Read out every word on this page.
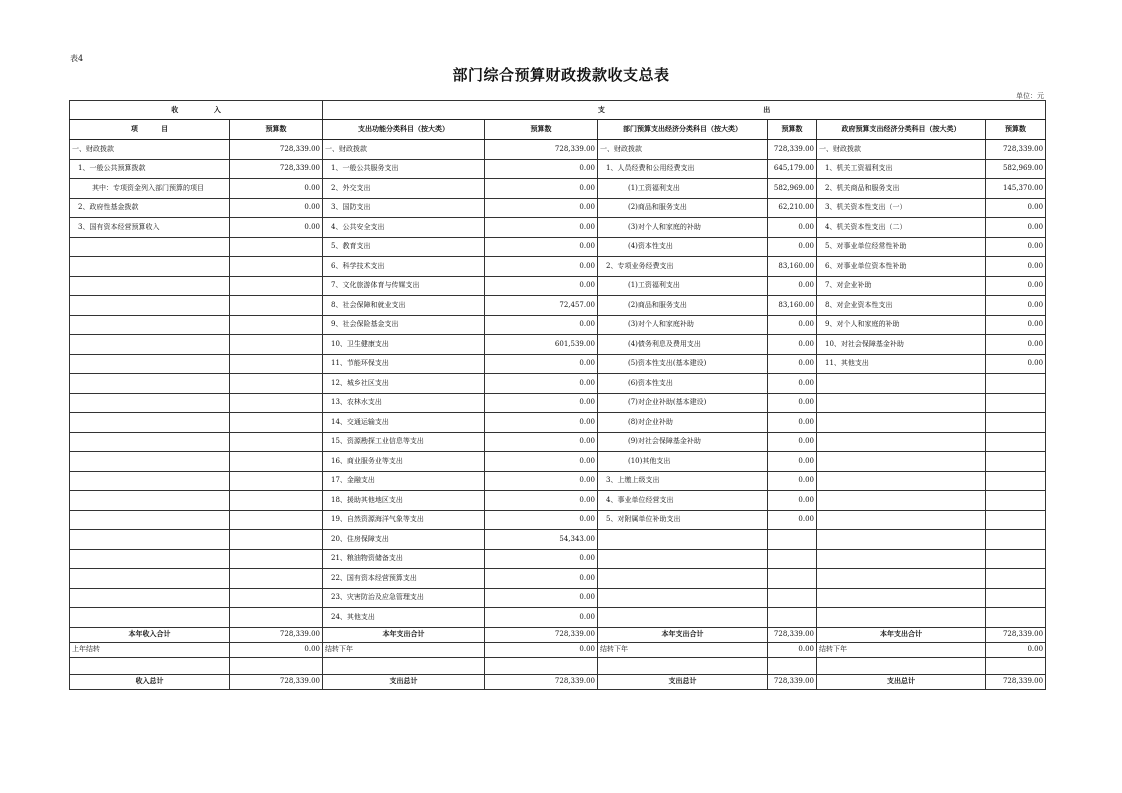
表4
部门综合预算财政拨款收支总表
单位：元
收 入		支 出					

项 目	预算数	支出功能分类科目（按大类）	预算数	部门预算支出经济分类科目（按大类）	预算数	政府预算支出经济分类科目（按大类）	预算数
一、财政拨款	728,339.00	一、财政拨款	728,339.00	一、财政拨款	728,339.00	一、财政拨款	728,339.00
1、一般公共预算拨款	728,339.00	1、一般公共服务支出	0.00	1、人员经费和公用经费支出	645,179.00	1、机关工资福利支出	582,969.00
其中：专项资金列入部门预算的项目	0.00	2、外交支出	0.00	(1)工资福利支出	582,969.00	2、机关商品和服务支出	145,370.00
2、政府性基金拨款	0.00	3、国防支出	0.00	(2)商品和服务支出	62,210.00	3、机关资本性支出（一）	0.00
3、国有资本经营预算收入	0.00	4、公共安全支出	0.00	(3)对个人和家庭的补助	0.00	4、机关资本性支出（二）	0.00
		5、教育支出	0.00	(4)资本性支出	0.00	5、对事业单位经常性补助	0.00
		6、科学技术支出	0.00	2、专项业务经费支出	83,160.00	6、对事业单位资本性补助	0.00
		7、文化旅游体育与传媒支出	0.00	(1)工资福利支出	0.00	7、对企业补助	0.00
		8、社会保障和就业支出	72,457.00	(2)商品和服务支出	83,160.00	8、对企业资本性支出	0.00
		9、社会保险基金支出	0.00	(3)对个人和家庭补助	0.00	9、对个人和家庭的补助	0.00
		10、卫生健康支出	601,539.00	(4)债务利息及费用支出	0.00	10、对社会保障基金补助	0.00
		11、节能环保支出	0.00	(5)资本性支出(基本建设)	0.00	11、其他支出	0.00
		12、城乡社区支出	0.00	(6)资本性支出	0.00		
		13、农林水支出	0.00	(7)对企业补助(基本建设)	0.00		
		14、交通运输支出	0.00	(8)对企业补助	0.00		
		15、资源勘探工业信息等支出	0.00	(9)对社会保障基金补助	0.00		
		16、商业服务业等支出	0.00	(10)其他支出	0.00		
		17、金融支出	0.00	3、上缴上级支出	0.00		
		18、援助其他地区支出	0.00	4、事业单位经营支出	0.00		
		19、自然资源海洋气象等支出	0.00	5、对附属单位补助支出	0.00		
		20、住房保障支出	54,343.00				
		21、粮油物资储备支出	0.00				
		22、国有资本经营预算支出	0.00				
		23、灾害防治及应急管理支出	0.00				
		24、其他支出	0.00				
本年收入合计	728,339.00	本年支出合计	728,339.00	本年支出合计	728,339.00	本年支出合计	728,339.00
上年结转	0.00	结转下年	0.00	结转下年	0.00	结转下年	0.00

收入总计	728,339.00	支出总计	728,339.00	支出总计	728,339.00	支出总计	728,339.00
